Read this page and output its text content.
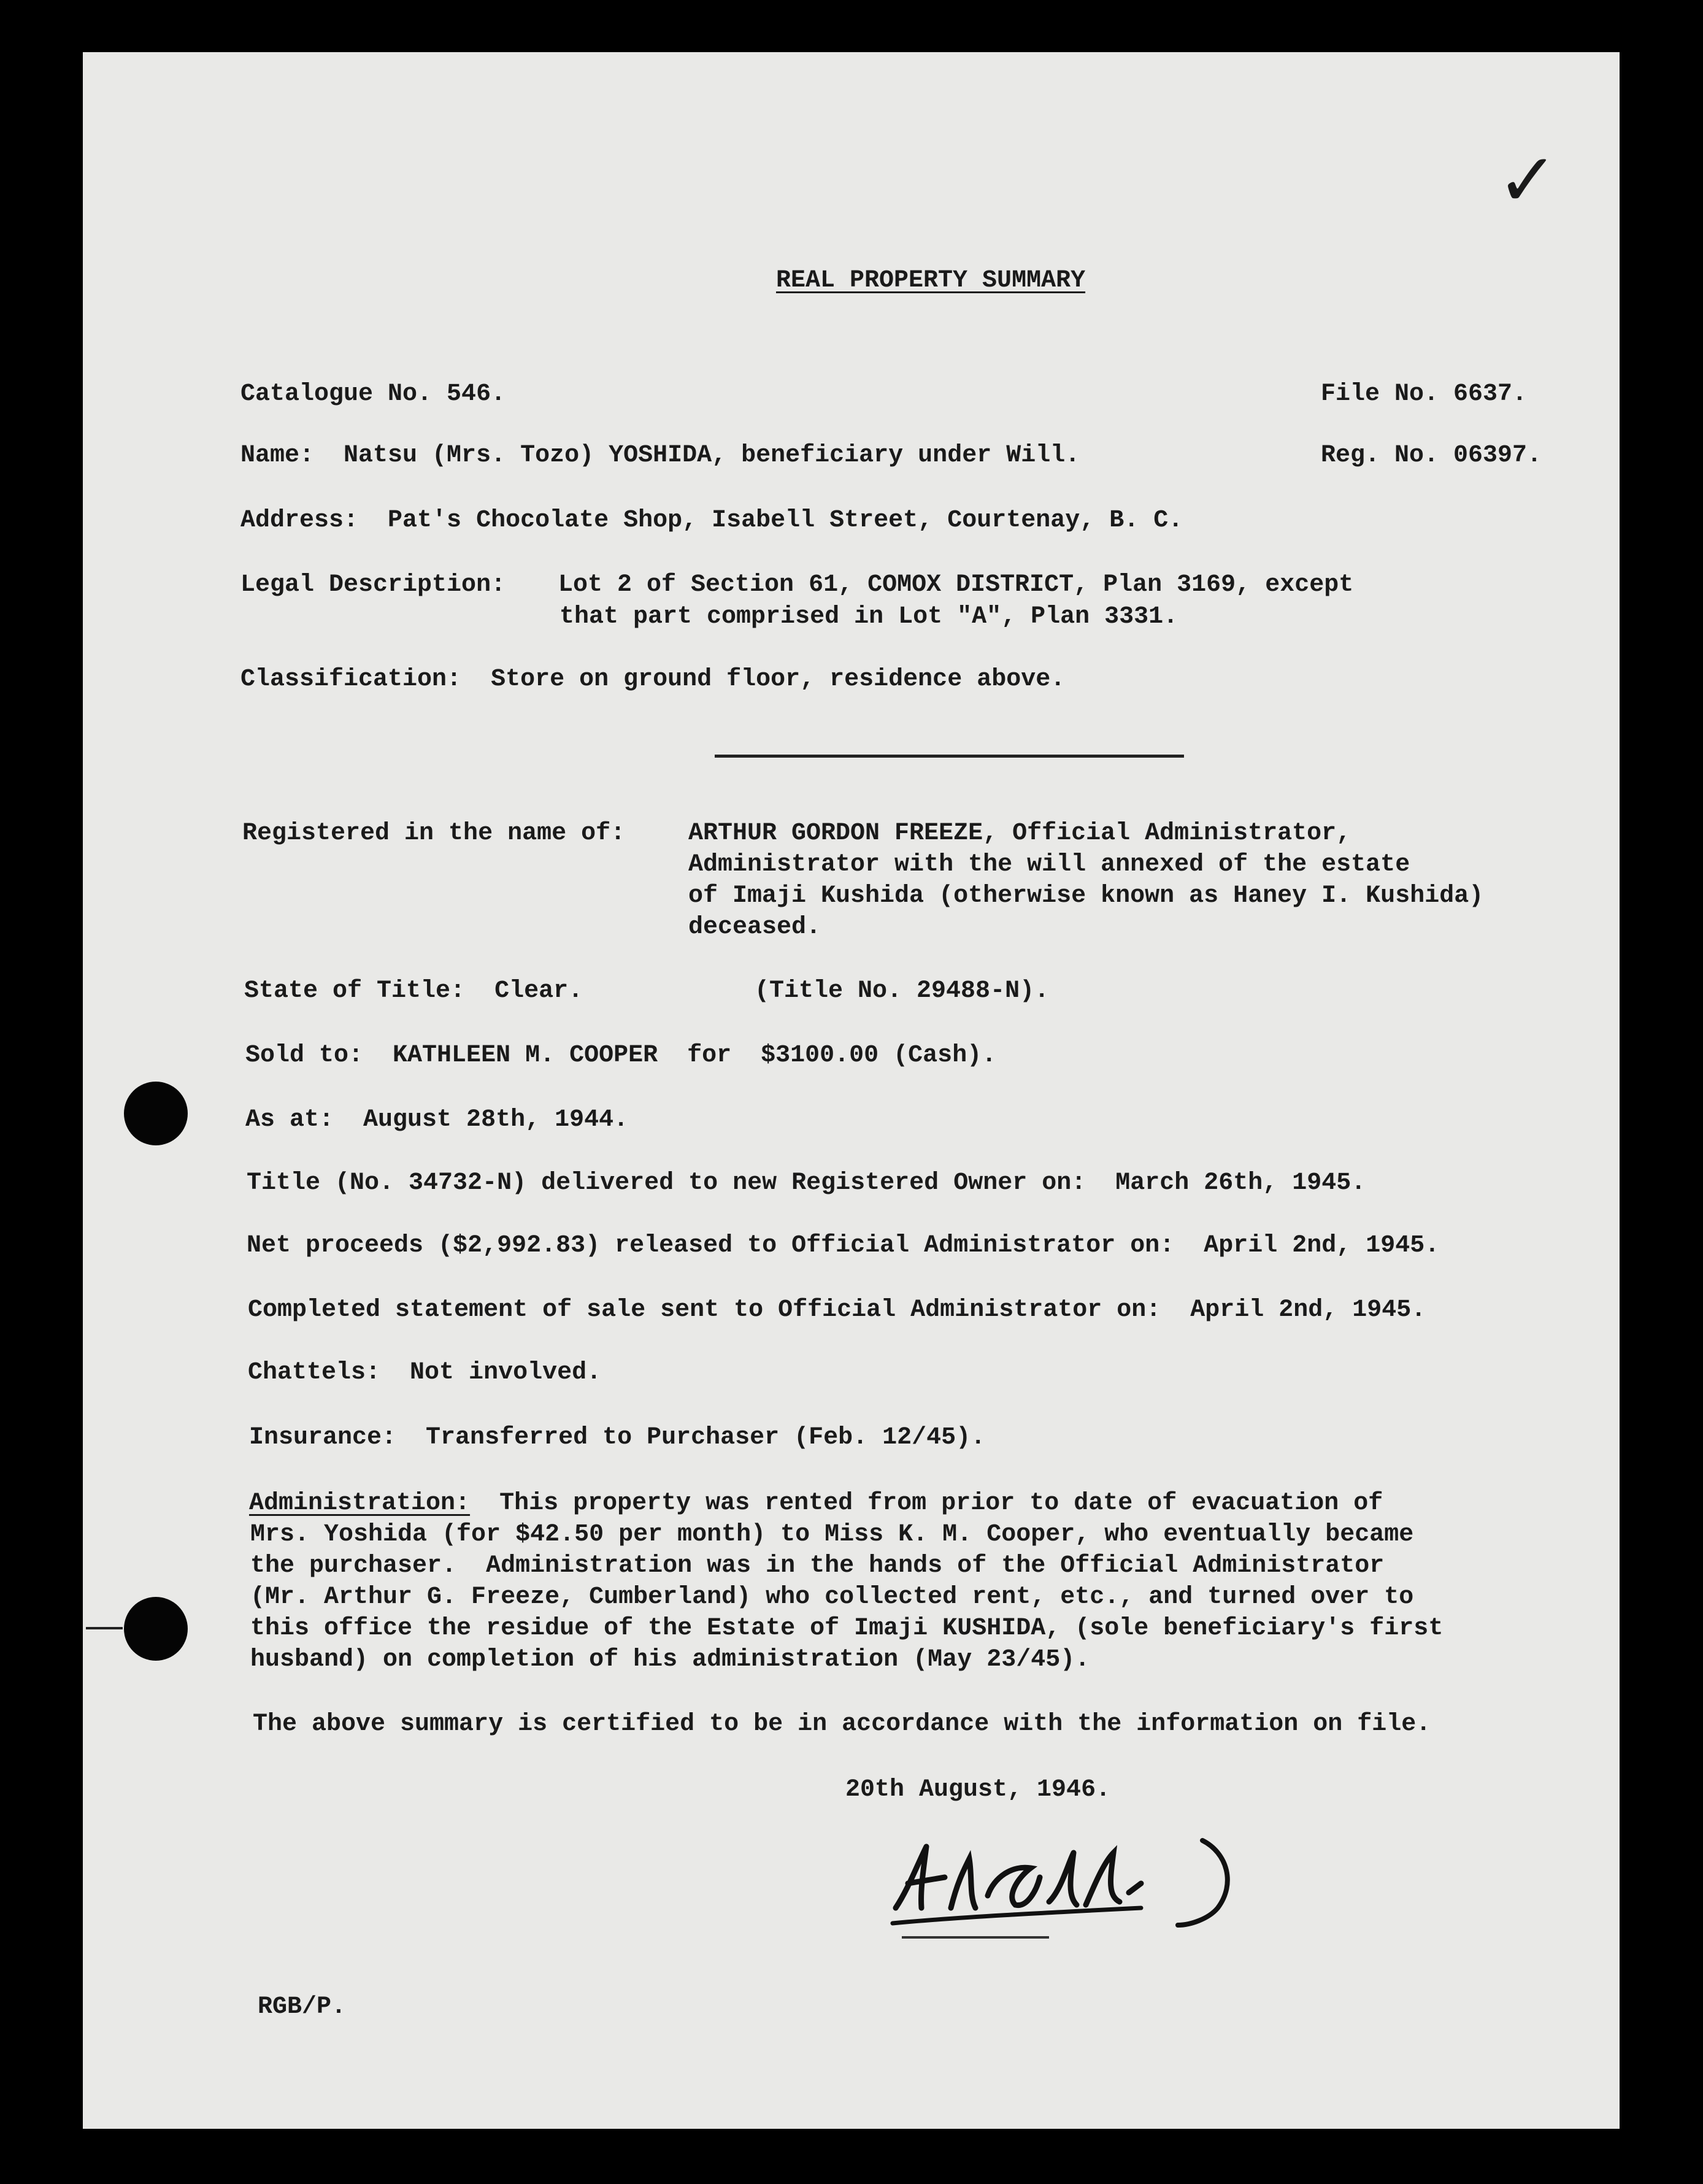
✓
REAL PROPERTY SUMMARY
Catalogue No. 546.	File No. 6637.
Name:  Natsu (Mrs. Tozo) YOSHIDA, beneficiary under Will.	Reg. No. 06397.
Address:  Pat's Chocolate Shop, Isabell Street, Courtenay, B. C.
Legal Description: Lot 2 of Section 61, COMOX DISTRICT, Plan 3169, except
that part comprised in Lot "A", Plan 3331.
Classification:  Store on ground floor, residence above.
Registered in the name of:	ARTHUR GORDON FREEZE, Official Administrator,
Administrator with the will annexed of the estate
of Imaji Kushida (otherwise known as Haney I. Kushida)
deceased.
State of Title:  Clear.	(Title No. 29488-N).
Sold to:  KATHLEEN M. COOPER  for  $3100.00 (Cash).
As at:  August 28th, 1944.
Title (No. 34732-N) delivered to new Registered Owner on:  March 26th, 1945.
Net proceeds ($2,992.83) released to Official Administrator on:  April 2nd, 1945.
Completed statement of sale sent to Official Administrator on:  April 2nd, 1945.
Chattels:  Not involved.
Insurance:  Transferred to Purchaser (Feb. 12/45).
Administration:  This property was rented from prior to date of evacuation of
Mrs. Yoshida (for $42.50 per month) to Miss K. M. Cooper, who eventually became
the purchaser.  Administration was in the hands of the Official Administrator
(Mr. Arthur G. Freeze, Cumberland) who collected rent, etc., and turned over to
this office the residue of the Estate of Imaji KUSHIDA, (sole beneficiary's first
husband) on completion of his administration (May 23/45).
The above summary is certified to be in accordance with the information on file.
20th August, 1946.
RGB/P.
